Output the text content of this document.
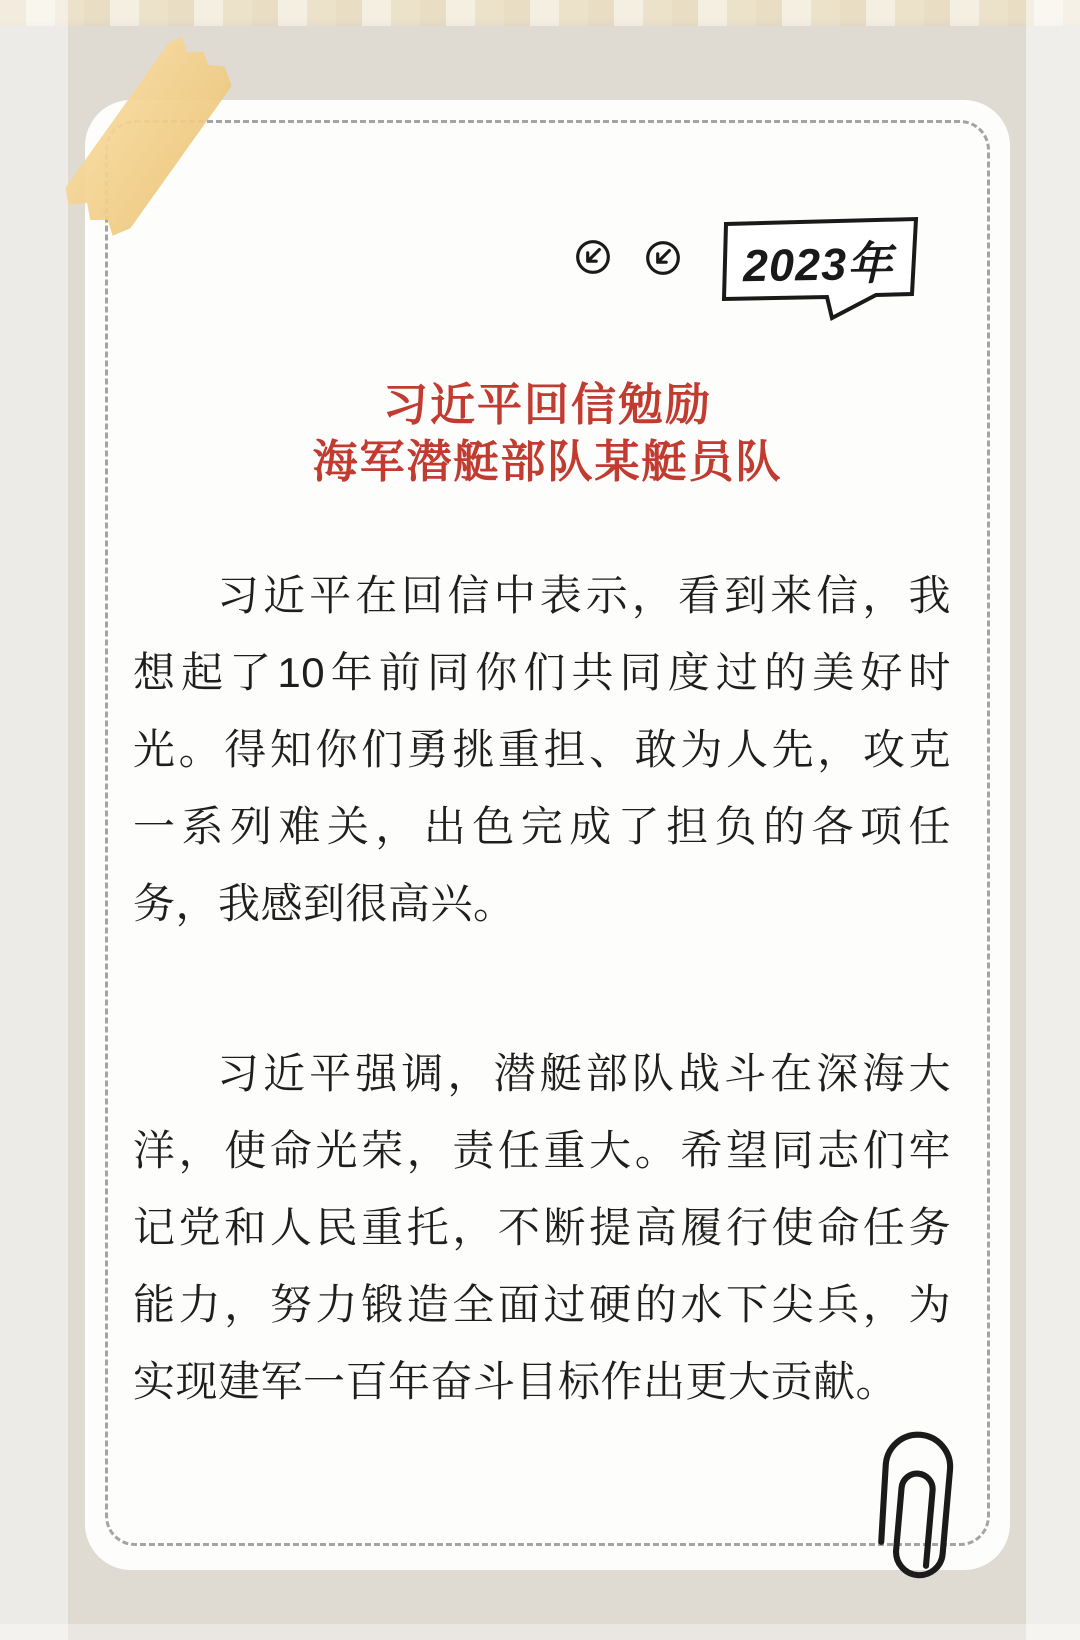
2023年
习近平回信勉励
海军潜艇部队某艇员队
习近平在回信中表示，看到来信，我
想起了10年前同你们共同度过的美好时
光。得知你们勇挑重担、敢为人先，攻克
一系列难关，出色完成了担负的各项任
务，我感到很高兴。
习近平强调，潜艇部队战斗在深海大
洋，使命光荣，责任重大。希望同志们牢
记党和人民重托，不断提高履行使命任务
能力，努力锻造全面过硬的水下尖兵，为
实现建军一百年奋斗目标作出更大贡献。
